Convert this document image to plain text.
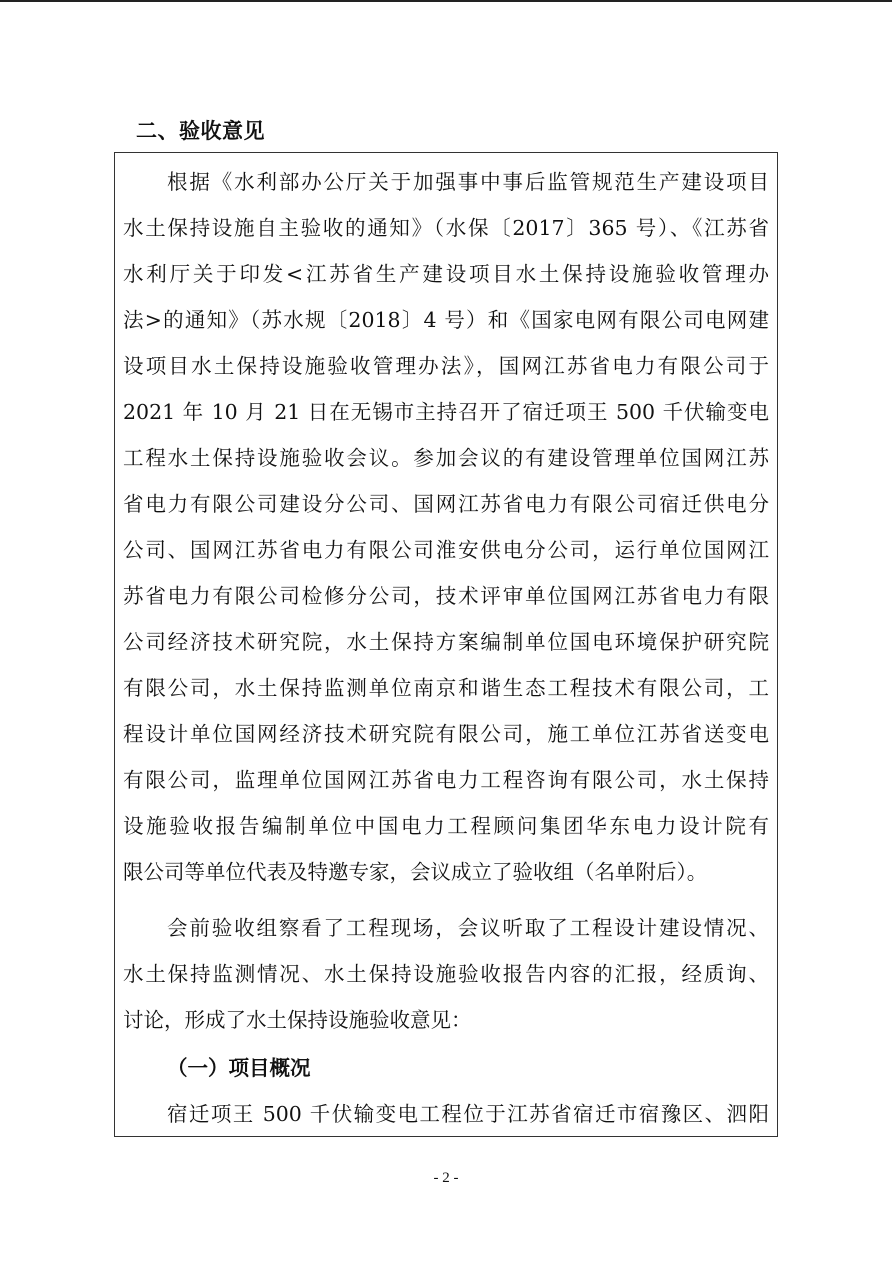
二、验收意见
根据《水利部办公厅关于加强事中事后监管规范生产建设项目
水土保持设施自主验收的通知》（水保〔2017〕365 号）、《江苏省
水利厅关于印发<江苏省生产建设项目水土保持设施验收管理办
法>的通知》（苏水规〔2018〕4 号）和《国家电网有限公司电网建
设项目水土保持设施验收管理办法》，国网江苏省电力有限公司于
2021 年 10 月 21 日在无锡市主持召开了宿迁项王 500 千伏输变电
工程水土保持设施验收会议。参加会议的有建设管理单位国网江苏
省电力有限公司建设分公司、国网江苏省电力有限公司宿迁供电分
公司、国网江苏省电力有限公司淮安供电分公司，运行单位国网江
苏省电力有限公司检修分公司，技术评审单位国网江苏省电力有限
公司经济技术研究院，水土保持方案编制单位国电环境保护研究院
有限公司，水土保持监测单位南京和谐生态工程技术有限公司，工
程设计单位国网经济技术研究院有限公司，施工单位江苏省送变电
有限公司，监理单位国网江苏省电力工程咨询有限公司，水土保持
设施验收报告编制单位中国电力工程顾问集团华东电力设计院有
限公司等单位代表及特邀专家，会议成立了验收组（名单附后）。
会前验收组察看了工程现场，会议听取了工程设计建设情况、
水土保持监测情况、水土保持设施验收报告内容的汇报，经质询、
讨论，形成了水土保持设施验收意见：
（一）项目概况
宿迁项王 500 千伏输变电工程位于江苏省宿迁市宿豫区、泗阳
- 2 -
